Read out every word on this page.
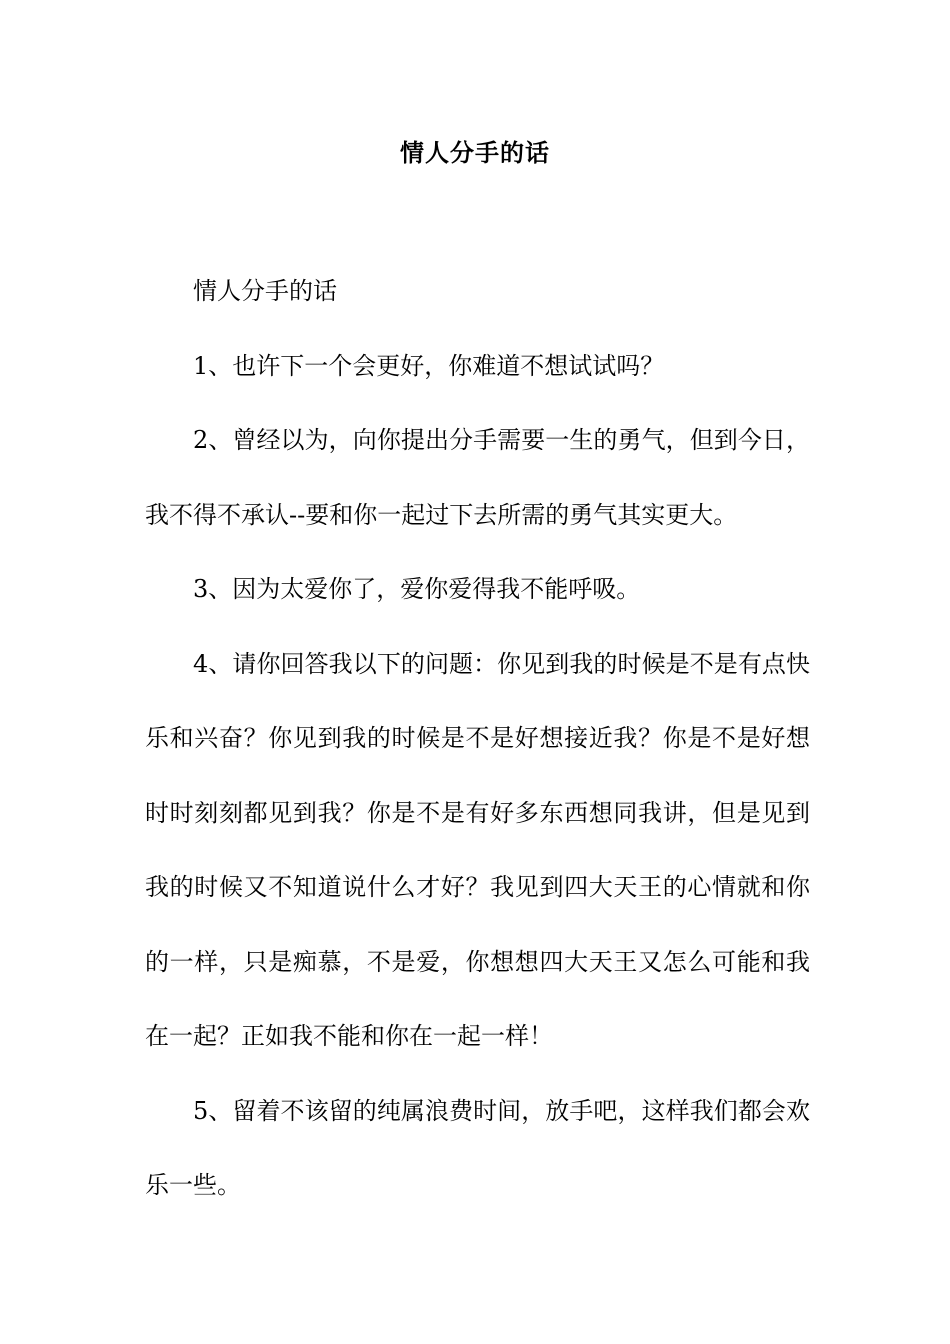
情人分手的话

情人分手的话

1、也许下一个会更好，你难道不想试试吗？

2、曾经以为，向你提出分手需要一生的勇气，但到今日，我不得不承认--要和你一起过下去所需的勇气其实更大。

3、因为太爱你了，爱你爱得我不能呼吸。

4、请你回答我以下的问题：你见到我的时候是不是有点快乐和兴奋？你见到我的时候是不是好想接近我？你是不是好想时时刻刻都见到我？你是不是有好多东西想同我讲，但是见到我的时候又不知道说什么才好？我见到四大天王的心情就和你的一样，只是痴慕，不是爱，你想想四大天王又怎么可能和我在一起？正如我不能和你在一起一样！

5、留着不该留的纯属浪费时间，放手吧，这样我们都会欢乐一些。
